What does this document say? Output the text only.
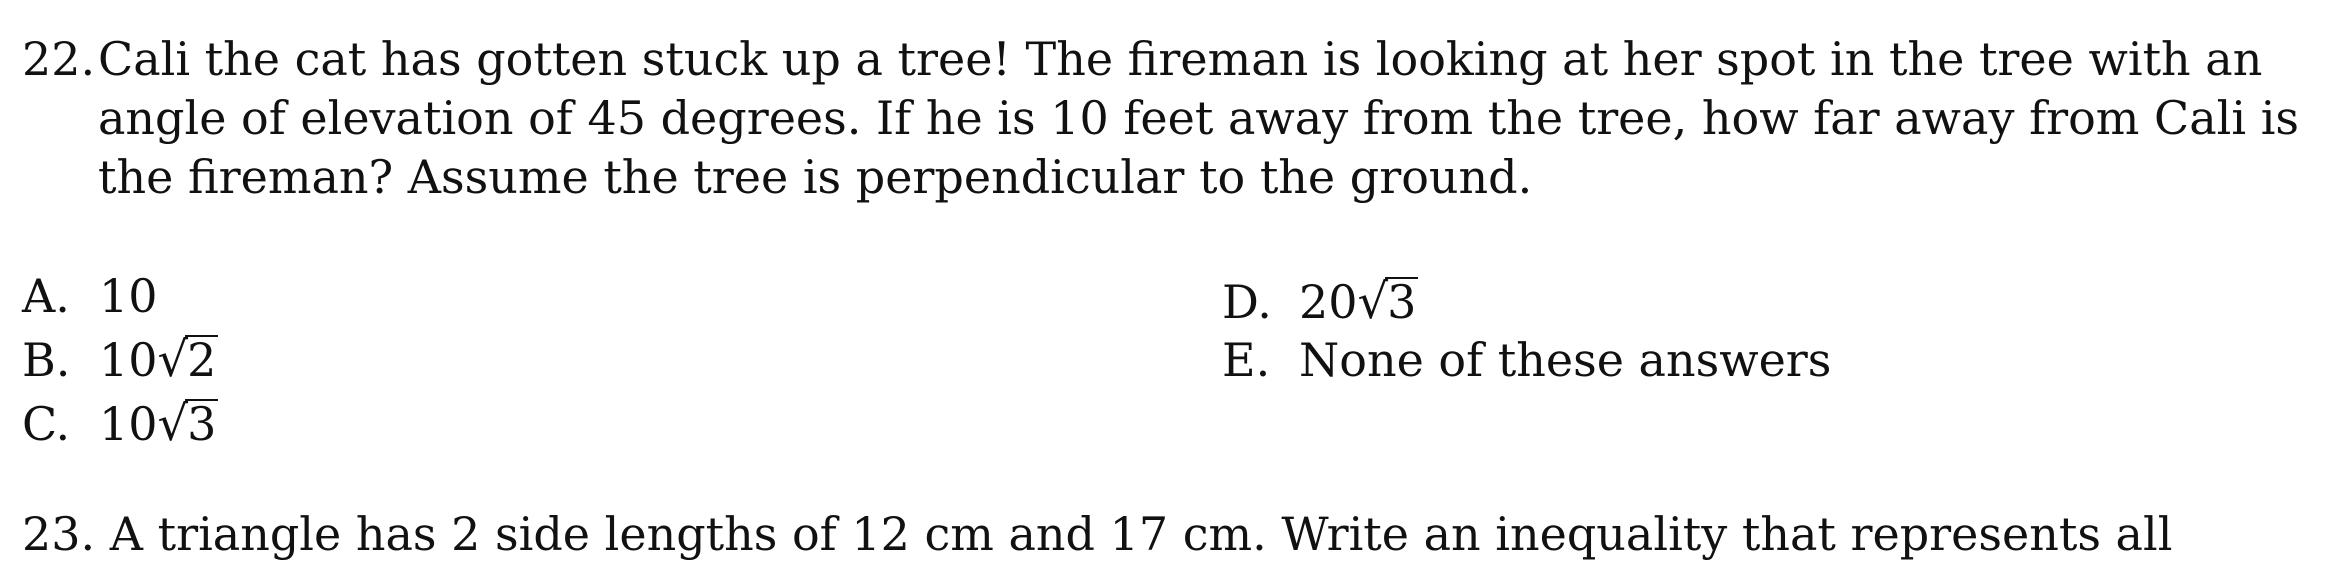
22. Cali the cat has gotten stuck up a tree! The fireman is looking at her spot in the tree with an
angle of elevation of 45 degrees. If he is 10 feet away from the tree, how far away from Cali is
the fireman? Assume the tree is perpendicular to the ground.
A. 10
B. 10√2
C. 10√3
D. 20√3
E. None of these answers
23. A triangle has 2 side lengths of 12 cm and 17 cm. Write an inequality that represents all
